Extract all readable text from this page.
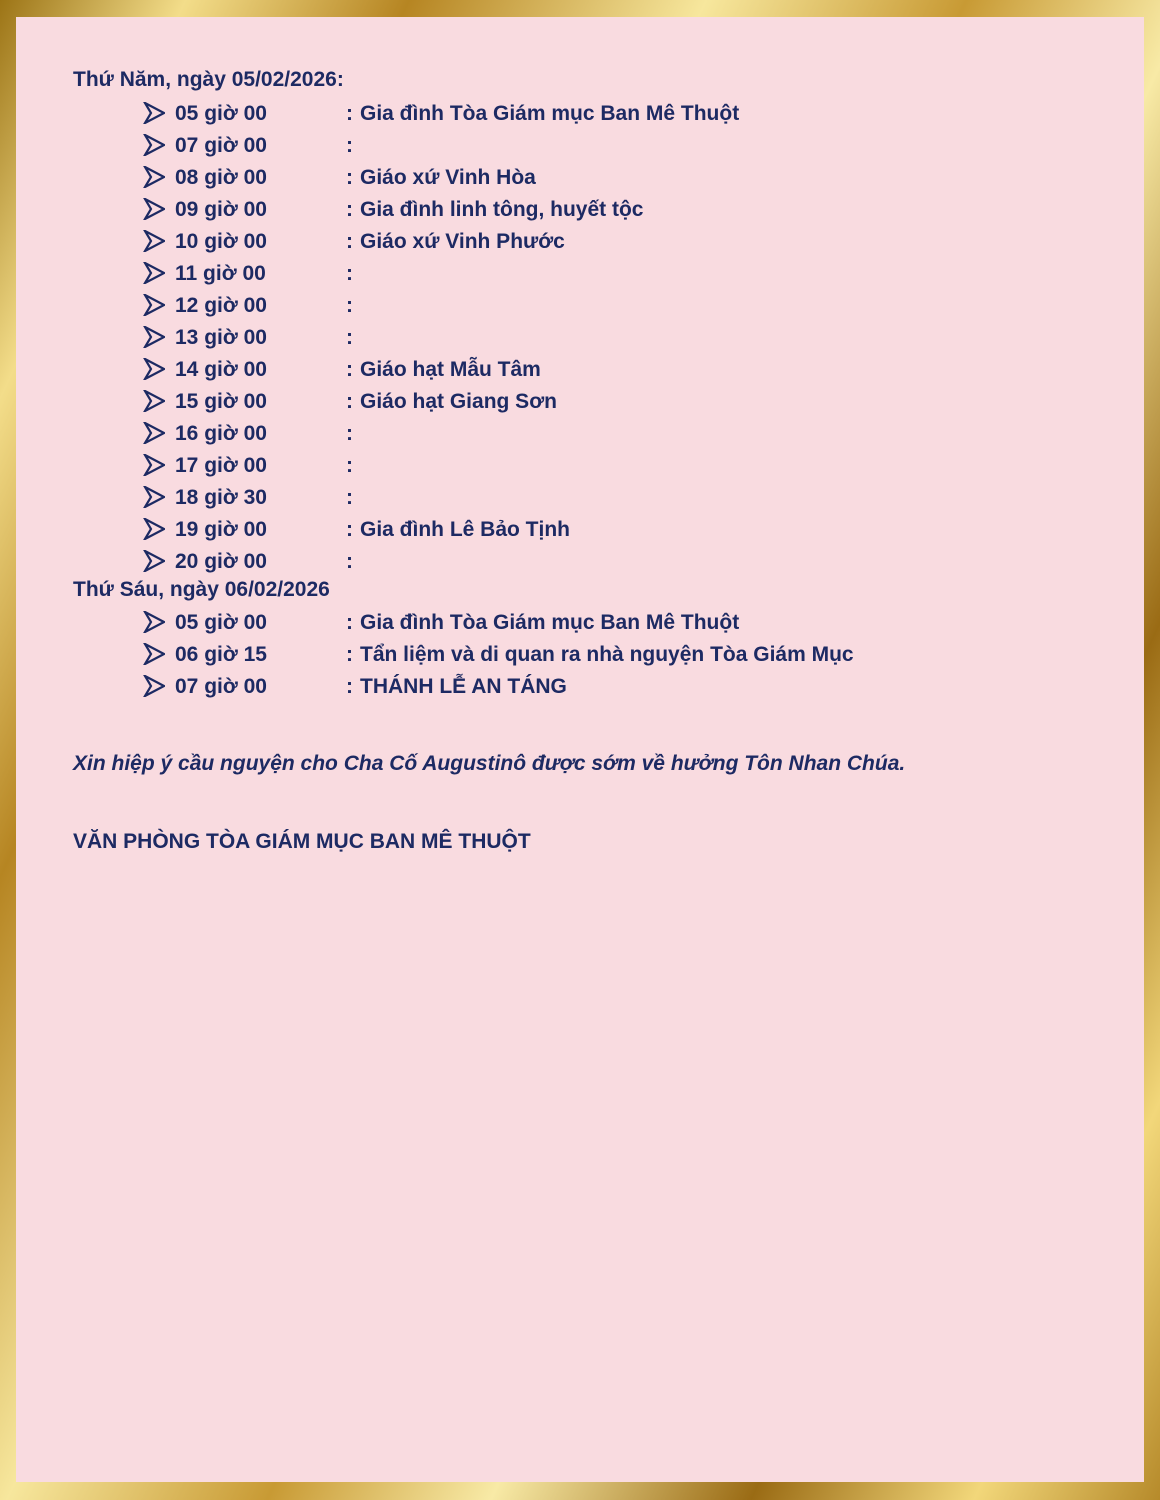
Thứ Năm, ngày 05/02/2026:
05 giờ 00	: Gia đình Tòa Giám mục Ban Mê Thuột
07 giờ 00	:
08 giờ 00	: Giáo xứ Vinh Hòa
09 giờ 00	: Gia đình linh tông, huyết tộc
10 giờ 00	: Giáo xứ Vinh Phước
11 giờ 00	:
12 giờ 00	:
13 giờ 00	:
14 giờ 00	: Giáo hạt Mẫu Tâm
15 giờ 00	: Giáo hạt Giang Sơn
16 giờ 00	:
17 giờ 00	:
18 giờ 30	:
19 giờ 00	: Gia đình Lê Bảo Tịnh
20 giờ 00	:
Thứ Sáu, ngày 06/02/2026
05 giờ 00	: Gia đình Tòa Giám mục Ban Mê Thuột
06 giờ 15	: Tẩn liệm và di quan ra nhà nguyện Tòa Giám Mục
07 giờ 00	: THÁNH LỄ AN TÁNG
Xin hiệp ý cầu nguyện cho Cha Cố Augustinô được sớm về hưởng Tôn Nhan Chúa.
VĂN PHÒNG TÒA GIÁM MỤC BAN MÊ THUỘT
